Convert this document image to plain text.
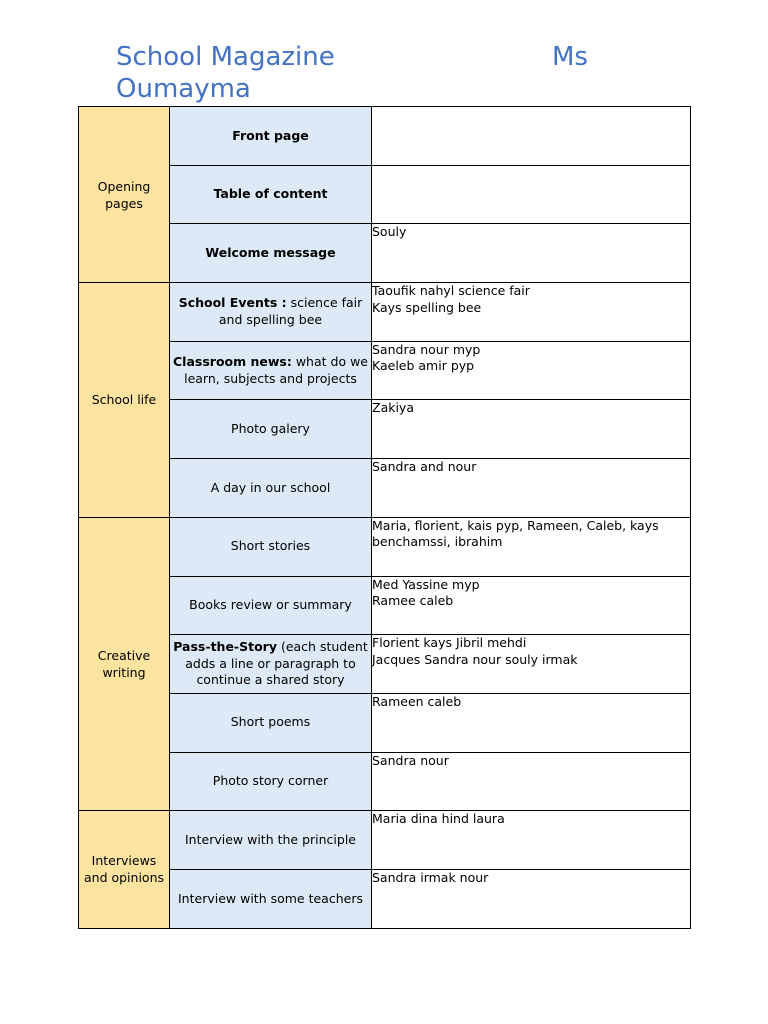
School Magazine	Ms
Oumayma
Opening pages	Front page	
	Table of content	
	Welcome message	Souly

School life	School Events : science fair and spelling bee	Taoufik nahyl science fair
Kays spelling bee

	Classroom news: what do we learn, subjects and projects	Sandra nour myp
Kaeleb amir pyp

	Photo galery	Zakiya

	A day in our school	Sandra and nour

Creative writing	Short stories	Maria, florient, kais pyp, Rameen, Caleb, kays benchamssi, ibrahim

	Books review or summary	Med Yassine myp
Ramee caleb

	Pass-the-Story (each student adds a line or paragraph to continue a shared story	Florient kays Jibril mehdi
Jacques Sandra nour souly irmak

	Short poems	Rameen caleb

	Photo story corner	Sandra nour

Interviews and opinions	Interview with the principle	Maria dina hind laura

	Interview with some teachers	Sandra irmak nour
